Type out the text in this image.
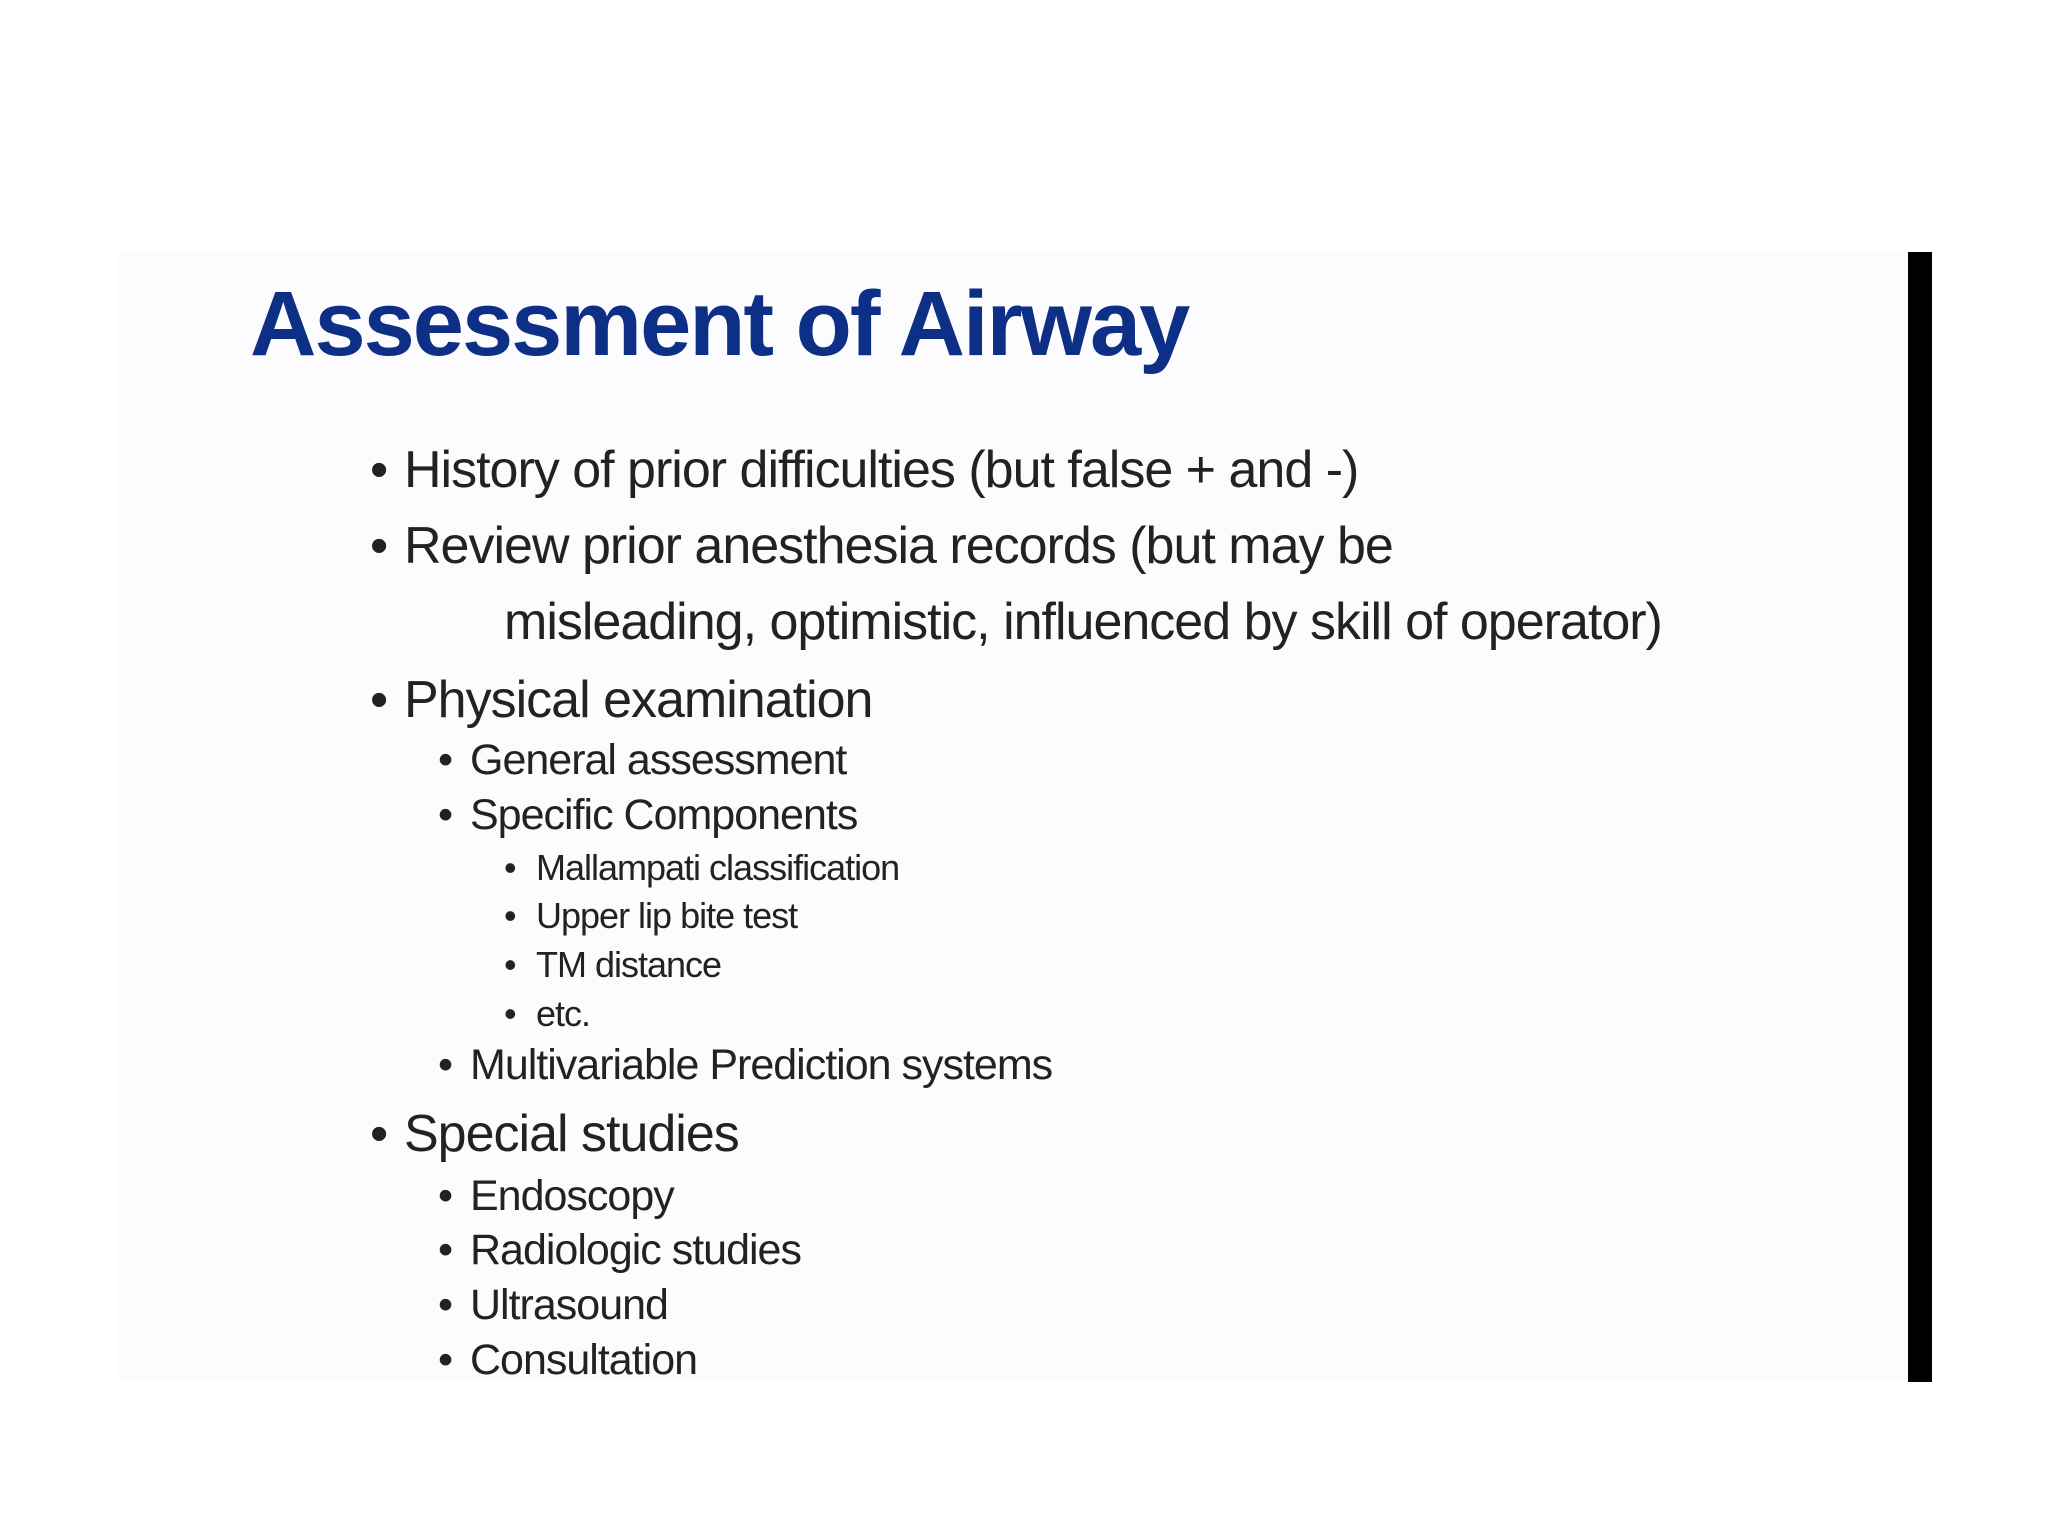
Assessment of Airway
• History of prior difficulties (but false + and -)
• Review prior anesthesia records (but may be
misleading, optimistic, influenced by skill of operator)
• Physical examination
• General assessment
• Specific Components
• Mallampati classification
• Upper lip bite test
• TM distance
• etc.
• Multivariable Prediction systems
• Special studies
• Endoscopy
• Radiologic studies
• Ultrasound
• Consultation
